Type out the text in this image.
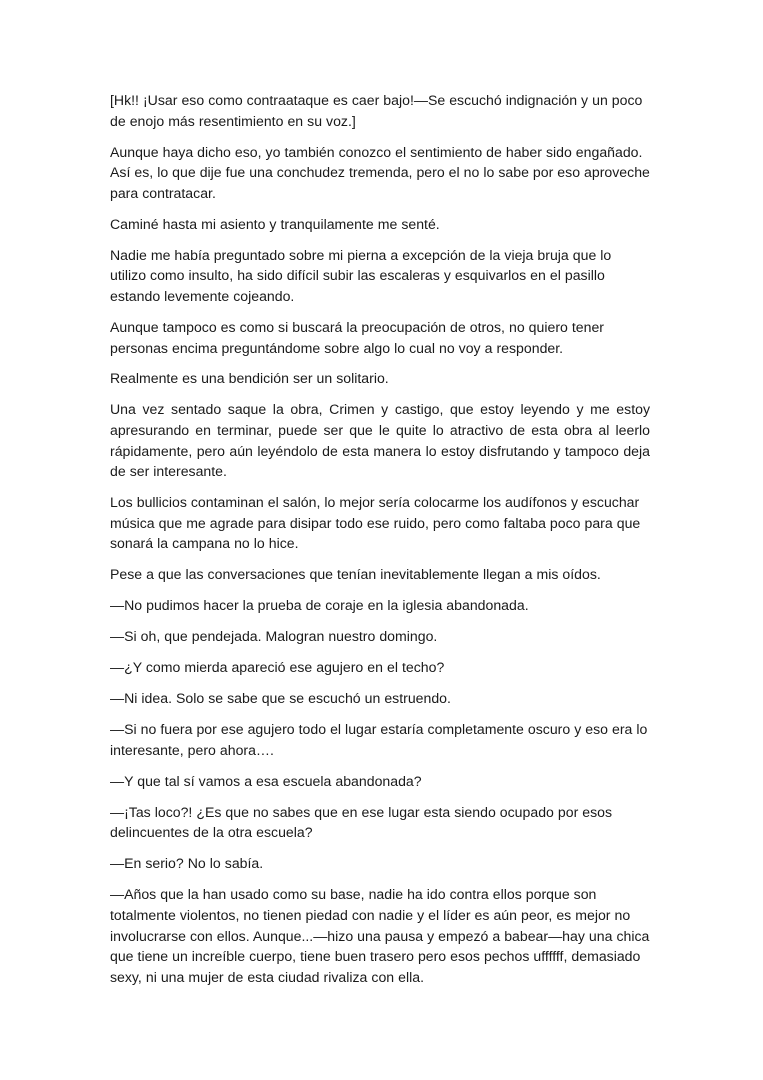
[Hk!! ¡Usar eso como contraataque es caer bajo!—Se escuchó indignación y un poco de enojo más resentimiento en su voz.]

Aunque haya dicho eso, yo también conozco el sentimiento de haber sido engañado. Así es, lo que dije fue una conchudez tremenda, pero el no lo sabe por eso aproveche para contratacar.

Caminé hasta mi asiento y tranquilamente me senté.

Nadie me había preguntado sobre mi pierna a excepción de la vieja bruja que lo utilizo como insulto, ha sido difícil subir las escaleras y esquivarlos en el pasillo estando levemente cojeando.

Aunque tampoco es como si buscará la preocupación de otros, no quiero tener personas encima preguntándome sobre algo lo cual no voy a responder.

Realmente es una bendición ser un solitario.

Una vez sentado saque la obra, Crimen y castigo, que estoy leyendo y me estoy apresurando en terminar, puede ser que le quite lo atractivo de esta obra al leerlo rápidamente, pero aún leyéndolo de esta manera lo estoy disfrutando y tampoco deja de ser interesante.

Los bullicios contaminan el salón, lo mejor sería colocarme los audífonos y escuchar música que me agrade para disipar todo ese ruido, pero como faltaba poco para que sonará la campana no lo hice.

Pese a que las conversaciones que tenían inevitablemente llegan a mis oídos.

—No pudimos hacer la prueba de coraje en la iglesia abandonada.

—Si oh, que pendejada. Malogran nuestro domingo.

—¿Y como mierda apareció ese agujero en el techo?

—Ni idea. Solo se sabe que se escuchó un estruendo.

—Si no fuera por ese agujero todo el lugar estaría completamente oscuro y eso era lo interesante, pero ahora….

—Y que tal sí vamos a esa escuela abandonada?

—¡Tas loco?! ¿Es que no sabes que en ese lugar esta siendo ocupado por esos delincuentes de la otra escuela?

—En serio? No lo sabía.

—Años que la han usado como su base, nadie ha ido contra ellos porque son totalmente violentos, no tienen piedad con nadie y el líder es aún peor, es mejor no involucrarse con ellos. Aunque...—hizo una pausa y empezó a babear—hay una chica que tiene un increíble cuerpo, tiene buen trasero pero esos pechos uffffff, demasiado sexy, ni una mujer de esta ciudad rivaliza con ella.
